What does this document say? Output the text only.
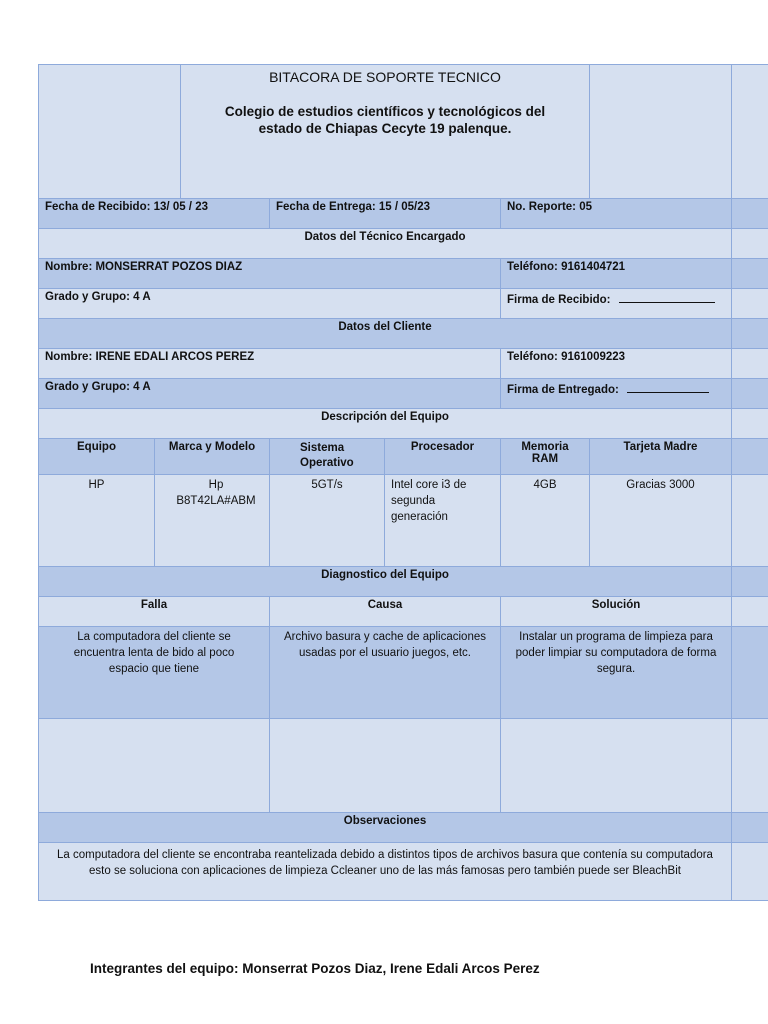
		BITACORA DE SOPORTE TECNICO
Colegio de estudios científicos y tecnológicos del
estado de Chiapas Cecyte 19 palenque.					

Fecha de Recibido: 13/ 05 / 23			Fecha de Entrega: 15 / 05/23		No. Reporte: 05		
Datos del Técnico Encargado							
Nombre: MONSERRAT POZOS DIAZ					Teléfono: 9161404721		
Grado y Grupo: 4 A					Firma de Recibido:		
Datos del Cliente							
Nombre: IRENE EDALI ARCOS PEREZ					Teléfono: 9161009223		
Grado y Grupo: 4 A					Firma de Entregado:		
Descripción del Equipo							
Equipo	Marca y Modelo		Sistema Operativo	Procesador	Memoria RAM	Tarjeta Madre	
HP	Hp B8T42LA#ABM		5GT/s	Intel core i3 de segunda generación	4GB	Gracias 3000	
Diagnostico del Equipo							
Falla			Causa		Solución		
La computadora del cliente se encuentra lenta de bido al poco espacio que tiene			Archivo basura y cache de aplicaciones usadas por el usuario juegos, etc.		Instalar un programa de limpieza para poder limpiar su computadora de forma segura.		

Observaciones							
La computadora del cliente se encontraba reantelizada debido a distintos tipos de archivos basura que contenía su computadora esto se soluciona con aplicaciones de limpieza Ccleaner uno de las más famosas pero también puede ser BleachBit							
Integrantes del equipo: Monserrat Pozos Diaz, Irene Edali Arcos Perez
